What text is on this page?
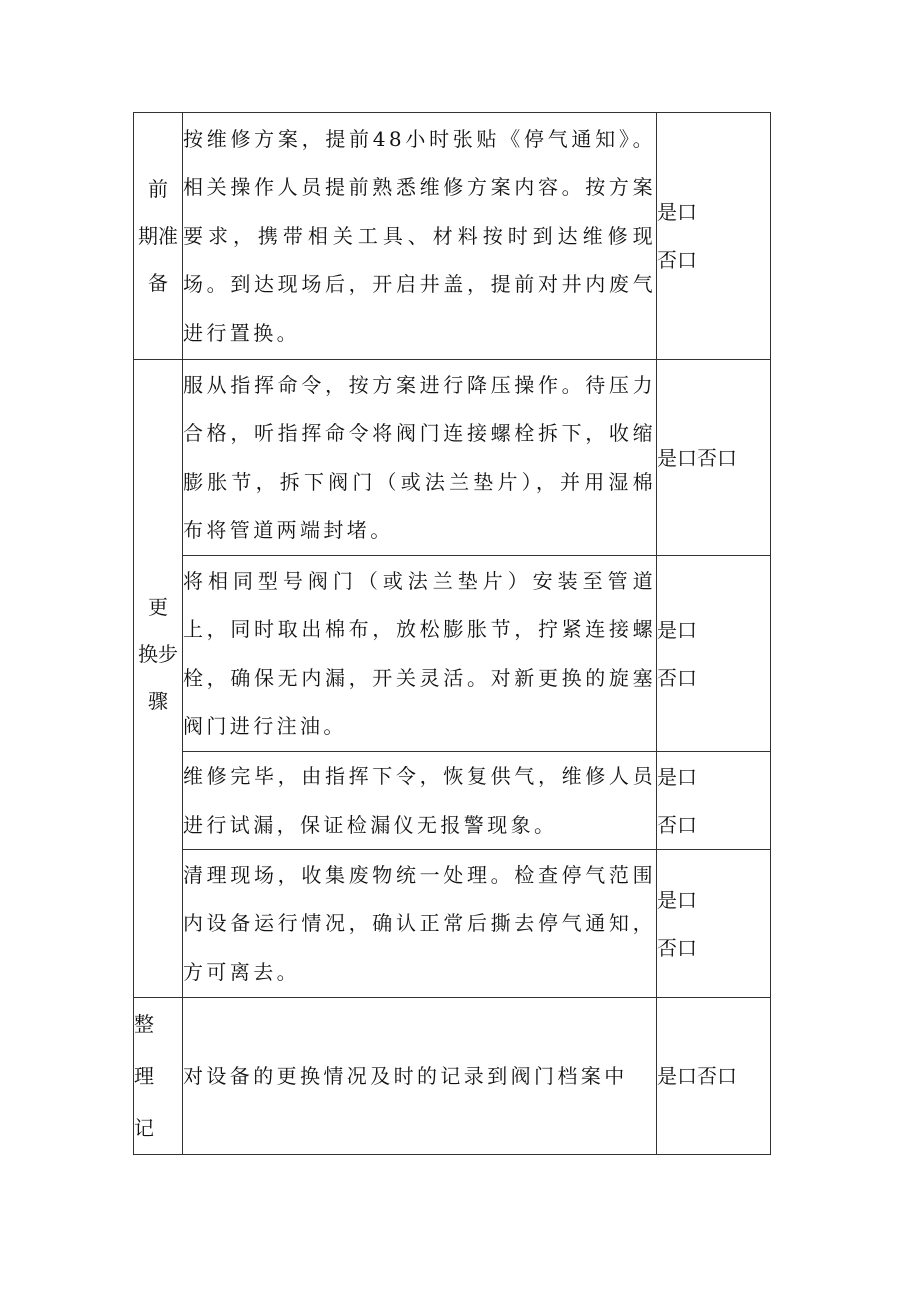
前
期准
备	按维修方案，提前48小时张贴《停气通知》。相关操作人员提前熟悉维修方案内容。按方案要求，携带相关工具、材料按时到达维修现场。到达现场后，开启井盖，提前对井内废气进行置换。	是口
否口
更
换步
骤	服从指挥命令，按方案进行降压操作。待压力合格，听指挥命令将阀门连接螺栓拆下，收缩膨胀节，拆下阀门（或法兰垫片），并用湿棉布将管道两端封堵。	是口否口
	将相同型号阀门（或法兰垫片）安装至管道上，同时取出棉布，放松膨胀节，拧紧连接螺栓，确保无内漏，开关灵活。对新更换的旋塞阀门进行注油。	是口
否口
	维修完毕，由指挥下令，恢复供气，维修人员进行试漏，保证检漏仪无报警现象。	是口
否口
	清理现场，收集废物统一处理。检查停气范围内设备运行情况，确认正常后撕去停气通知，方可离去。	是口
否口
整
理
记	对设备的更换情况及时的记录到阀门档案中	是口否口
